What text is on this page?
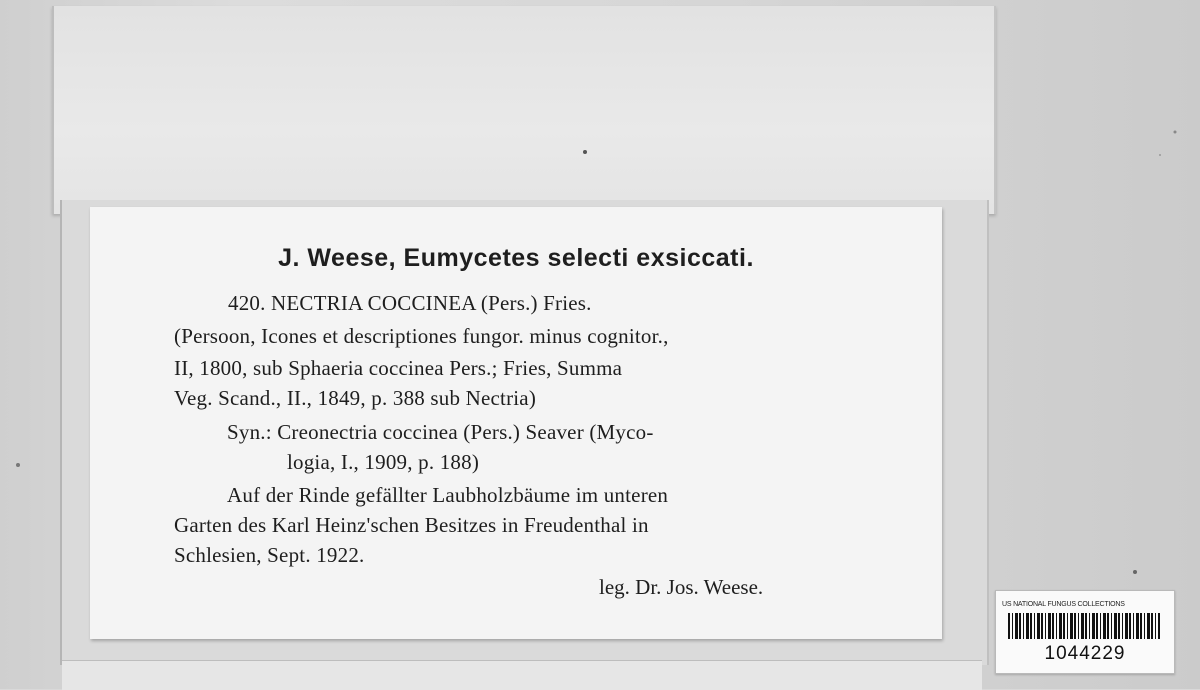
J. Weese, Eumycetes selecti exsiccati.
420. NECTRIA COCCINEA (Pers.) Fries.
(Persoon, Icones et descriptiones fungor. minus cognitor.,
II, 1800, sub Sphaeria coccinea Pers.; Fries, Summa
Veg. Scand., II., 1849, p. 388 sub Nectria)
Syn.: Creonectria coccinea (Pers.) Seaver (Myco-
logia, I., 1909, p. 188)
Auf der Rinde gefällter Laubholzbäume im unteren
Garten des Karl Heinz'schen Besitzes in Freudenthal in
Schlesien, Sept. 1922.
leg. Dr. Jos. Weese.
US NATIONAL FUNGUS COLLECTIONS
1044229
